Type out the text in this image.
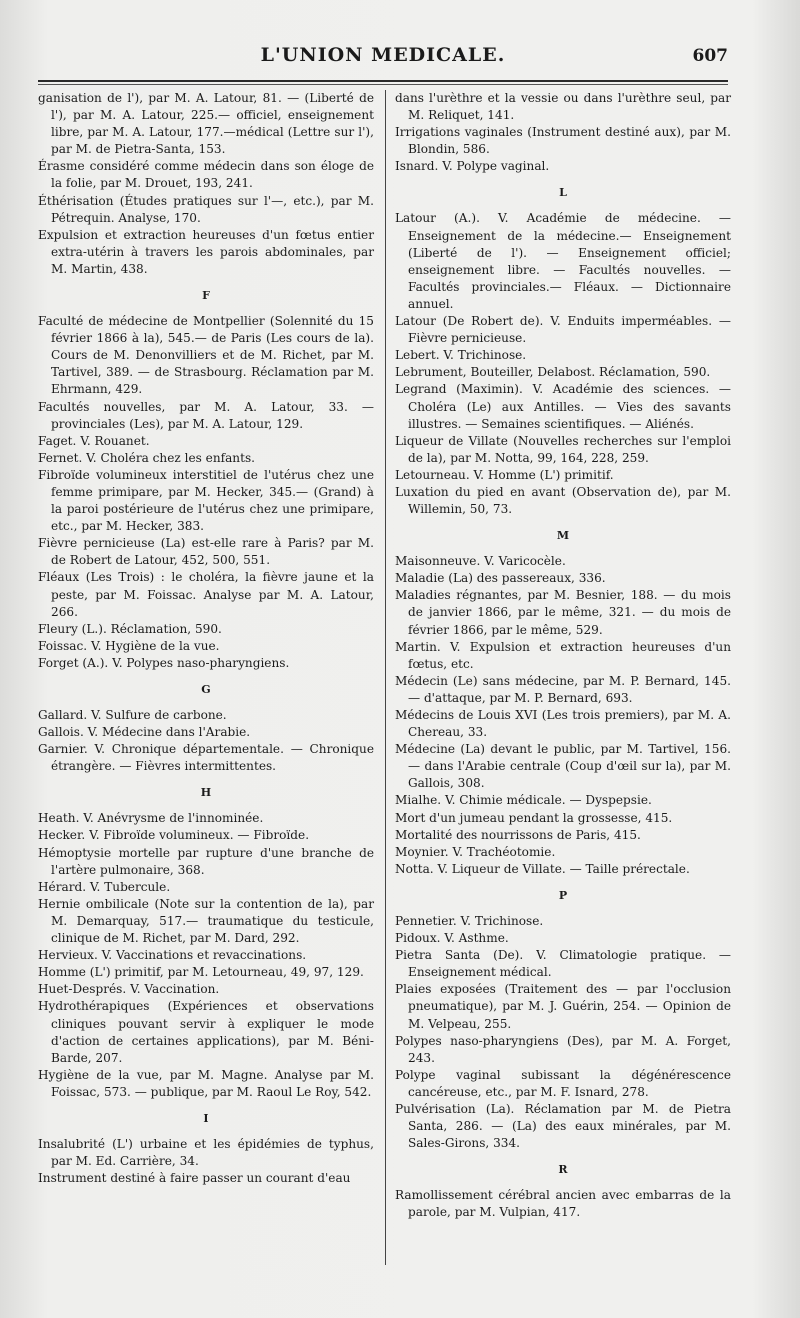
L'UNION MEDICALE.	607
ganisation de l'), par M. A. Latour, 81. — (Liberté de l'), par M. A. Latour, 225.— officiel, enseignement libre, par M. A. Latour, 177.—médical (Lettre sur l'), par M. de Pietra-Santa, 153.
Érasme considéré comme médecin dans son éloge de la folie, par M. Drouet, 193, 241.
Éthérisation (Études pratiques sur l'—, etc.), par M. Pétrequin. Analyse, 170.
Expulsion et extraction heureuses d'un fœtus entier extra-utérin à travers les parois abdominales, par M. Martin, 438.
F
Faculté de médecine de Montpellier (Solennité du 15 février 1866 à la), 545.— de Paris (Les cours de la). Cours de M. Denonvilliers et de M. Richet, par M. Tartivel, 389. — de Strasbourg. Réclamation par M. Ehrmann, 429.
Facultés nouvelles, par M. A. Latour, 33. — provinciales (Les), par M. A. Latour, 129.
Faget. V. Rouanet.
Fernet. V. Choléra chez les enfants.
Fibroïde volumineux interstitiel de l'utérus chez une femme primipare, par M. Hecker, 345.— (Grand) à la paroi postérieure de l'utérus chez une primipare, etc., par M. Hecker, 383.
Fièvre pernicieuse (La) est-elle rare à Paris? par M. de Robert de Latour, 452, 500, 551.
Fléaux (Les Trois) : le choléra, la fièvre jaune et la peste, par M. Foissac. Analyse par M. A. Latour, 266.
Fleury (L.). Réclamation, 590.
Foissac. V. Hygiène de la vue.
Forget (A.). V. Polypes naso-pharyngiens.
G
Gallard. V. Sulfure de carbone.
Gallois. V. Médecine dans l'Arabie.
Garnier. V. Chronique départementale. — Chronique étrangère. — Fièvres intermittentes.
H
Heath. V. Anévrysme de l'innominée.
Hecker. V. Fibroïde volumineux. — Fibroïde.
Hémoptysie mortelle par rupture d'une branche de l'artère pulmonaire, 368.
Hérard. V. Tubercule.
Hernie ombilicale (Note sur la contention de la), par M. Demarquay, 517.— traumatique du testicule, clinique de M. Richet, par M. Dard, 292.
Hervieux. V. Vaccinations et revaccinations.
Homme (L') primitif, par M. Letourneau, 49, 97, 129.
Huet-Després. V. Vaccination.
Hydrothérapiques (Expériences et observations cliniques pouvant servir à expliquer le mode d'action de certaines applications), par M. Béni-Barde, 207.
Hygiène de la vue, par M. Magne. Analyse par M. Foissac, 573. — publique, par M. Raoul Le Roy, 542.
I
Insalubrité (L') urbaine et les épidémies de typhus, par M. Ed. Carrière, 34.
Instrument destiné à faire passer un courant d'eau
dans l'urèthre et la vessie ou dans l'urèthre seul, par M. Reliquet, 141.
Irrigations vaginales (Instrument destiné aux), par M. Blondin, 586.
Isnard. V. Polype vaginal.
L
Latour (A.). V. Académie de médecine. — Enseignement de la médecine.— Enseignement (Liberté de l'). — Enseignement officiel; enseignement libre. — Facultés nouvelles. — Facultés provinciales.— Fléaux. — Dictionnaire annuel.
Latour (De Robert de). V. Enduits imperméables. — Fièvre pernicieuse.
Lebert. V. Trichinose.
Lebrument, Bouteiller, Delabost. Réclamation, 590.
Legrand (Maximin). V. Académie des sciences. — Choléra (Le) aux Antilles. — Vies des savants illustres. — Semaines scientifiques. — Aliénés.
Liqueur de Villate (Nouvelles recherches sur l'emploi de la), par M. Notta, 99, 164, 228, 259.
Letourneau. V. Homme (L') primitif.
Luxation du pied en avant (Observation de), par M. Willemin, 50, 73.
M
Maisonneuve. V. Varicocèle.
Maladie (La) des passereaux, 336.
Maladies régnantes, par M. Besnier, 188. — du mois de janvier 1866, par le même, 321. — du mois de février 1866, par le même, 529.
Martin. V. Expulsion et extraction heureuses d'un fœtus, etc.
Médecin (Le) sans médecine, par M. P. Bernard, 145. — d'attaque, par M. P. Bernard, 693.
Médecins de Louis XVI (Les trois premiers), par M. A. Chereau, 33.
Médecine (La) devant le public, par M. Tartivel, 156.— dans l'Arabie centrale (Coup d'œil sur la), par M. Gallois, 308.
Mialhe. V. Chimie médicale. — Dyspepsie.
Mort d'un jumeau pendant la grossesse, 415.
Mortalité des nourrissons de Paris, 415.
Moynier. V. Trachéotomie.
Notta. V. Liqueur de Villate. — Taille prérectale.
P
Pennetier. V. Trichinose.
Pidoux. V. Asthme.
Pietra Santa (De). V. Climatologie pratique. — Enseignement médical.
Plaies exposées (Traitement des — par l'occlusion pneumatique), par M. J. Guérin, 254. — Opinion de M. Velpeau, 255.
Polypes naso-pharyngiens (Des), par M. A. Forget, 243.
Polype vaginal subissant la dégénérescence cancéreuse, etc., par M. F. Isnard, 278.
Pulvérisation (La). Réclamation par M. de Pietra Santa, 286. — (La) des eaux minérales, par M. Sales-Girons, 334.
R
Ramollissement cérébral ancien avec embarras de la parole, par M. Vulpian, 417.
